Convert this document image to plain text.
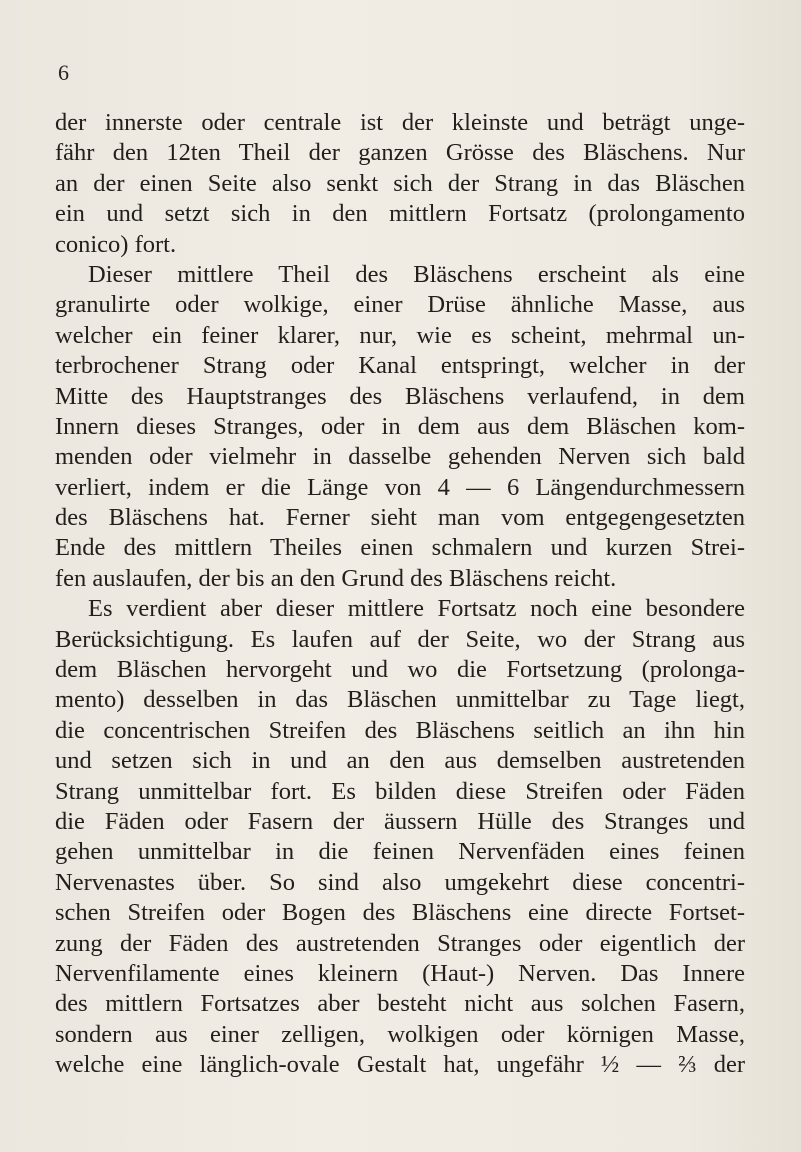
6
der innerste oder centrale ist der kleinste und beträgt unge-
fähr den 12ten Theil der ganzen Grösse des Bläschens. Nur
an der einen Seite also senkt sich der Strang in das Bläschen
ein und setzt sich in den mittlern Fortsatz (prolongamento
conico) fort.
Dieser mittlere Theil des Bläschens erscheint als eine
granulirte oder wolkige, einer Drüse ähnliche Masse, aus
welcher ein feiner klarer, nur, wie es scheint, mehrmal un-
terbrochener Strang oder Kanal entspringt, welcher in der
Mitte des Hauptstranges des Bläschens verlaufend, in dem
Innern dieses Stranges, oder in dem aus dem Bläschen kom-
menden oder vielmehr in dasselbe gehenden Nerven sich bald
verliert, indem er die Länge von 4 — 6 Längendurchmessern
des Bläschens hat. Ferner sieht man vom entgegengesetzten
Ende des mittlern Theiles einen schmalern und kurzen Strei-
fen auslaufen, der bis an den Grund des Bläschens reicht.
Es verdient aber dieser mittlere Fortsatz noch eine besondere
Berücksichtigung. Es laufen auf der Seite, wo der Strang aus
dem Bläschen hervorgeht und wo die Fortsetzung (prolonga-
mento) desselben in das Bläschen unmittelbar zu Tage liegt,
die concentrischen Streifen des Bläschens seitlich an ihn hin
und setzen sich in und an den aus demselben austretenden
Strang unmittelbar fort. Es bilden diese Streifen oder Fäden
die Fäden oder Fasern der äussern Hülle des Stranges und
gehen unmittelbar in die feinen Nervenfäden eines feinen
Nervenastes über. So sind also umgekehrt diese concentri-
schen Streifen oder Bogen des Bläschens eine directe Fortset-
zung der Fäden des austretenden Stranges oder eigentlich der
Nervenfilamente eines kleinern (Haut-) Nerven. Das Innere
des mittlern Fortsatzes aber besteht nicht aus solchen Fasern,
sondern aus einer zelligen, wolkigen oder körnigen Masse,
welche eine länglich-ovale Gestalt hat, ungefähr ½ — ⅔ der
